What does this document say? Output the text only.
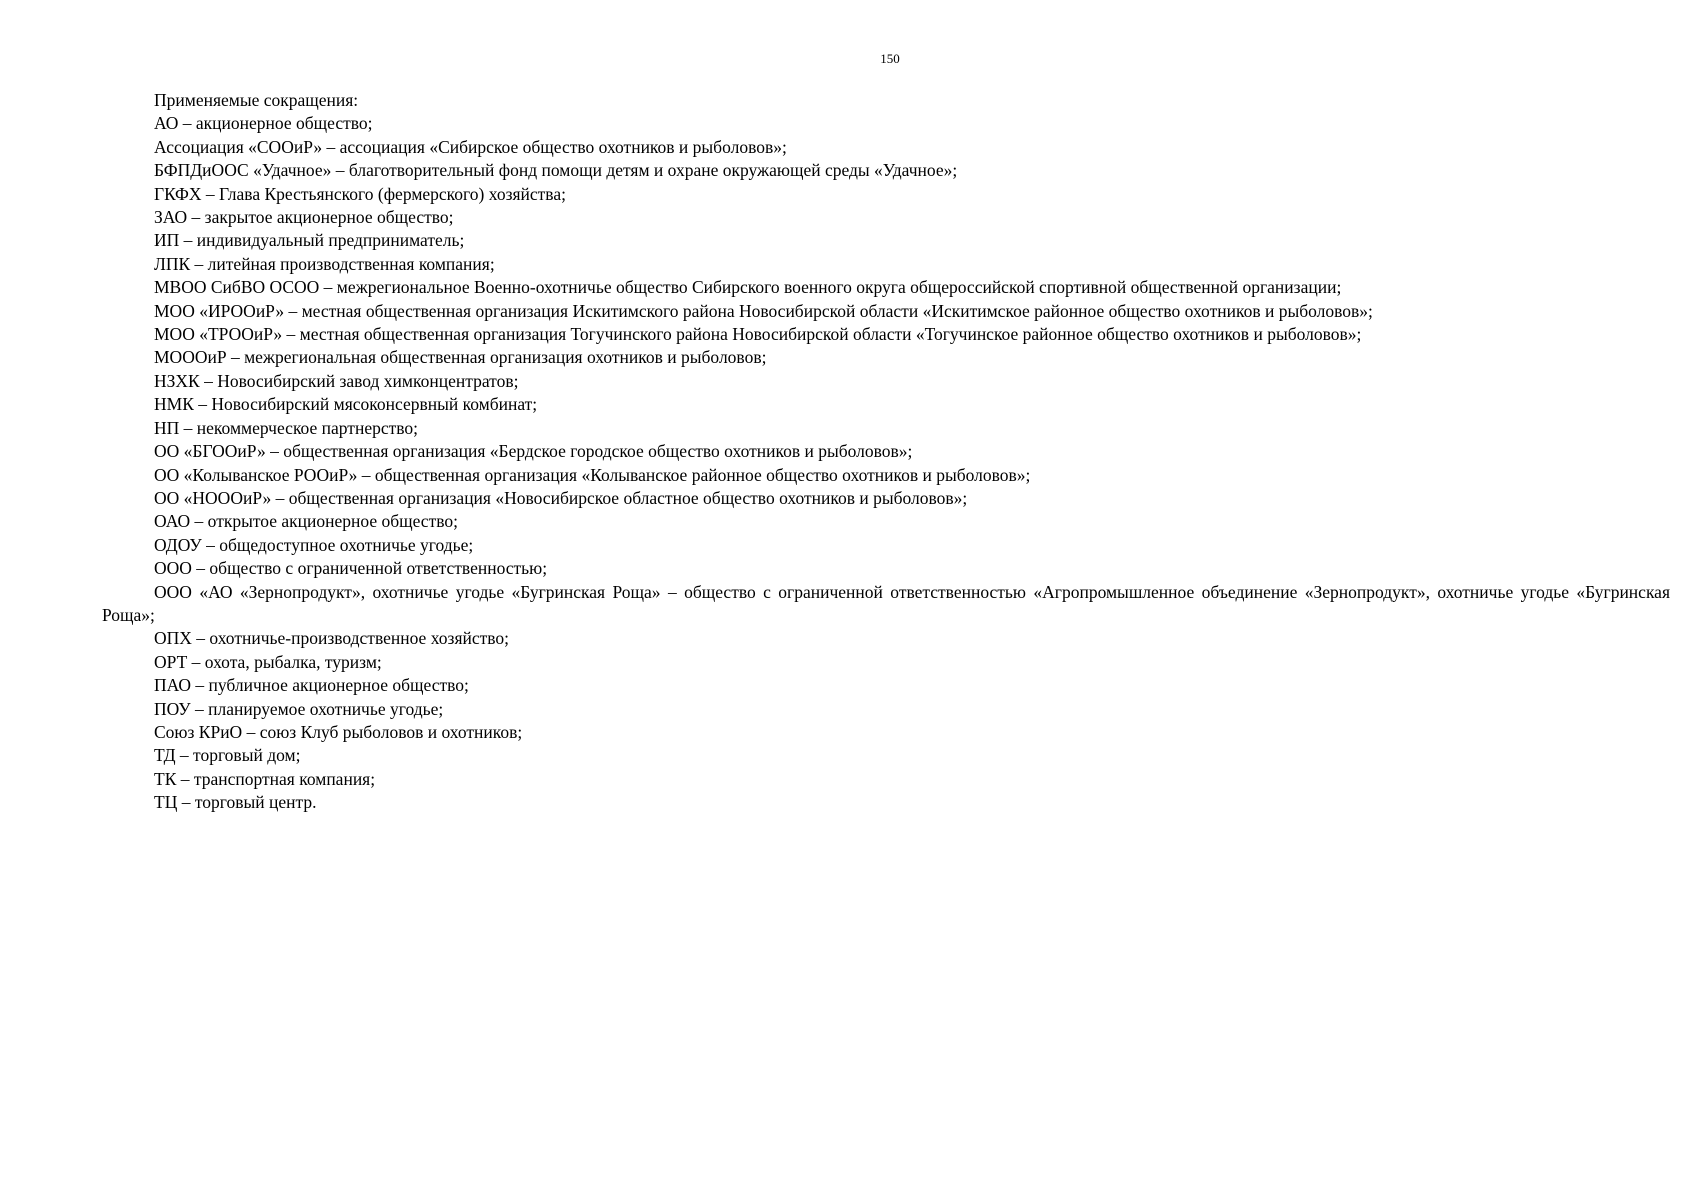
150

Применяемые сокращения:

АО – акционерное общество;

Ассоциация «СООиР» – ассоциация «Сибирское общество охотников и рыболовов»;

БФПДиООС «Удачное» – благотворительный фонд помощи детям и охране окружающей среды «Удачное»;

ГКФХ – Глава Крестьянского (фермерского) хозяйства;

ЗАО – закрытое акционерное общество;

ИП – индивидуальный предприниматель;

ЛПК – литейная производственная компания;

МВОО СибВО ОСОО – межрегиональное Военно-охотничье общество Сибирского военного округа общероссийской спортивной общественной организации;

МОО «ИРООиР» – местная общественная организация Искитимского района Новосибирской области «Искитимское районное общество охотников и рыболовов»;

МОО «ТРООиР» – местная общественная организация Тогучинского района Новосибирской области «Тогучинское районное общество охотников и рыболовов»;

МОООиР – межрегиональная общественная организация охотников и рыболовов;

НЗХК – Новосибирский завод химконцентратов;

НМК – Новосибирский мясоконсервный комбинат;

НП – некоммерческое партнерство;

ОО «БГООиР» – общественная организация «Бердское городское общество охотников и рыболовов»;

ОО «Колыванское РООиР» – общественная организация «Колыванское районное общество охотников и рыболовов»;

ОО «НОООиР» – общественная организация «Новосибирское областное общество охотников и рыболовов»;

ОАО – открытое акционерное общество;

ОДОУ – общедоступное охотничье угодье;

ООО – общество с ограниченной ответственностью;

ООО «АО «Зернопродукт», охотничье угодье «Бугринская Роща» – общество с ограниченной ответственностью «Агропромышленное объединение «Зернопродукт», охотничье угодье «Бугринская Роща»;

ОПХ – охотничье-производственное хозяйство;

ОРТ – охота, рыбалка, туризм;

ПАО – публичное акционерное общество;

ПОУ – планируемое охотничье угодье;

Союз КРиО – союз Клуб рыболовов и охотников;

ТД – торговый дом;

ТК – транспортная компания;

ТЦ – торговый центр.
